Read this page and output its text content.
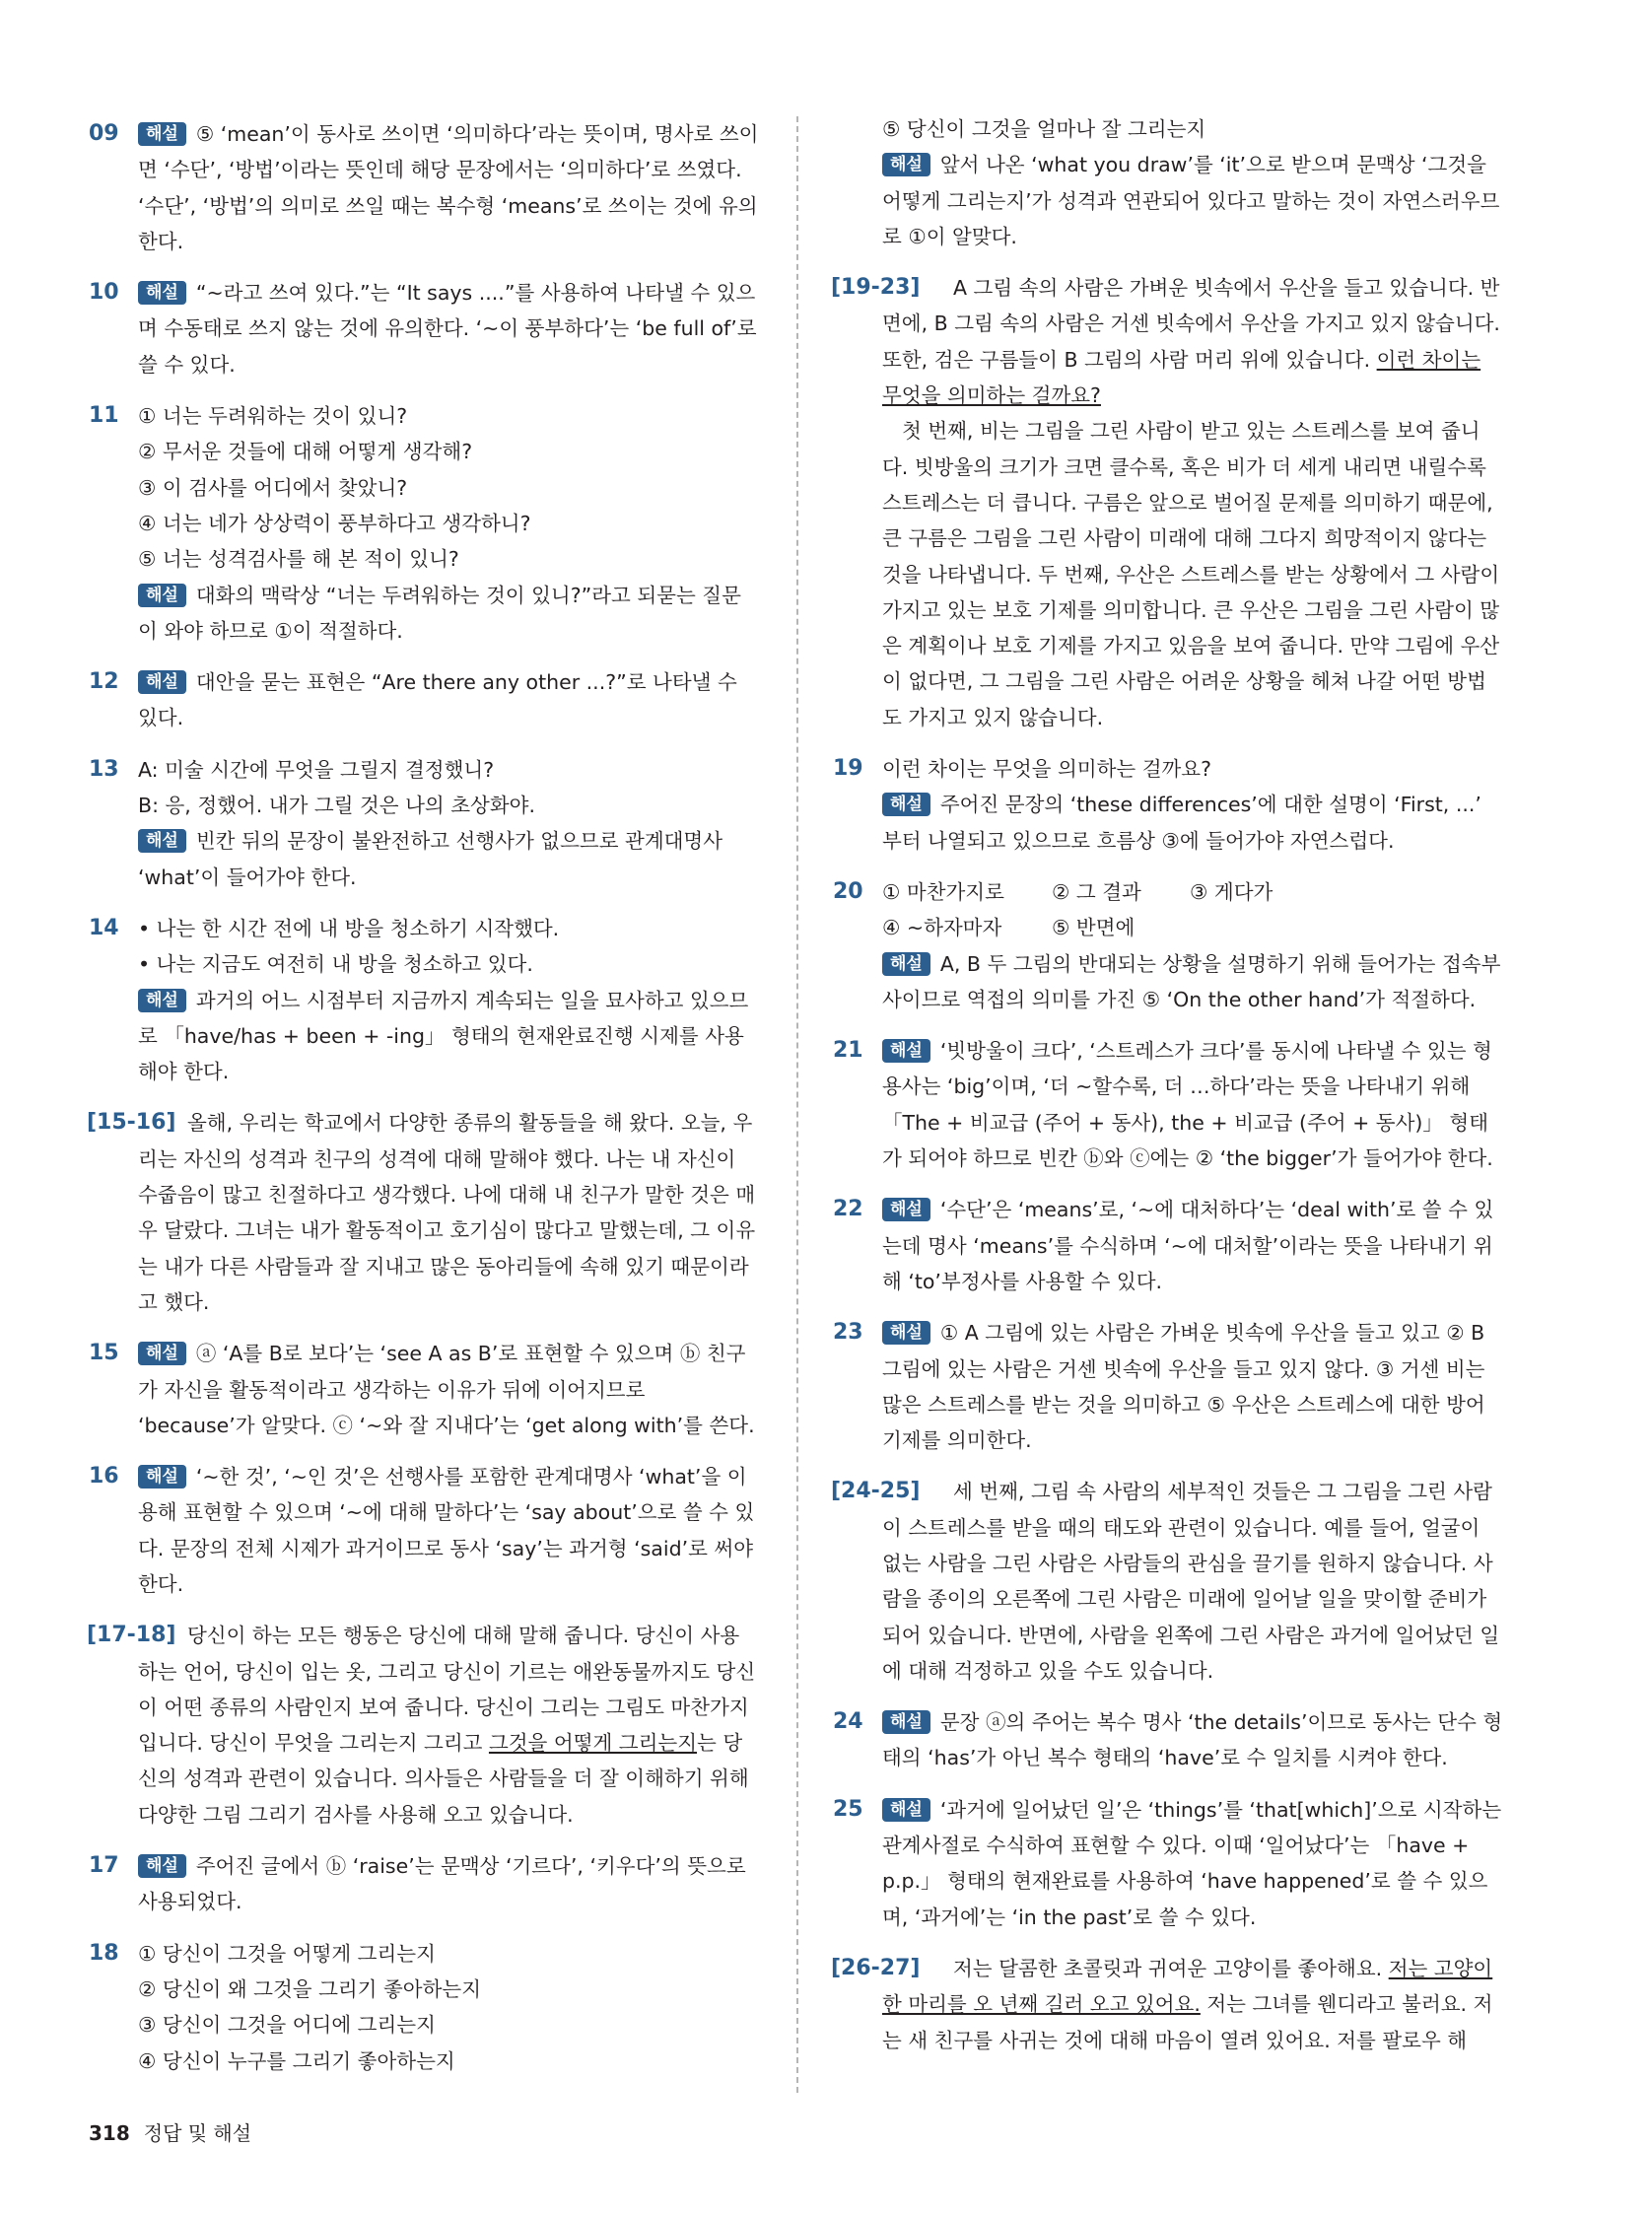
09	해설 ⑤ ‘mean’이 동사로 쓰이면 ‘의미하다’라는 뜻이며, 명사로 쓰이면 ‘수단’, ‘방법’이라는 뜻인데 해당 문장에서는 ‘의미하다’로 쓰였다. ‘수단’, ‘방법’의 의미로 쓰일 때는 복수형 ‘means’로 쓰이는 것에 유의한다.
10	해설 “~라고 쓰여 있다.”는 “It says ....”를 사용하여 나타낼 수 있으며 수동태로 쓰지 않는 것에 유의한다. ‘~이 풍부하다’는 ‘be full of’로 쓸 수 있다.
11 ① 너는 두려워하는 것이 있니?
② 무서운 것들에 대해 어떻게 생각해?
③ 이 검사를 어디에서 찾았니?
④ 너는 네가 상상력이 풍부하다고 생각하니?
⑤ 너는 성격검사를 해 본 적이 있니?
해설 대화의 맥락상 “너는 두려워하는 것이 있니?”라고 되묻는 질문이 와야 하므로 ①이 적절하다.
12	해설 대안을 묻는 표현은 “Are there any other ...?”로 나타낼 수 있다.
13 A: 미술 시간에 무엇을 그릴지 결정했니?
B: 응, 정했어. 내가 그릴 것은 나의 초상화야.
해설 빈칸 뒤의 문장이 불완전하고 선행사가 없으므로 관계대명사 ‘what’이 들어가야 한다.
14 • 나는 한 시간 전에 내 방을 청소하기 시작했다.
• 나는 지금도 여전히 내 방을 청소하고 있다.
해설 과거의 어느 시점부터 지금까지 계속되는 일을 묘사하고 있으므로 「have/has + been + -ing」 형태의 현재완료진행 시제를 사용해야 한다.
[15-16] 올해, 우리는 학교에서 다양한 종류의 활동들을 해 왔다. 오늘, 우리는 자신의 성격과 친구의 성격에 대해 말해야 했다. 나는 내 자신이 수줍음이 많고 친절하다고 생각했다. 나에 대해 내 친구가 말한 것은 매우 달랐다. 그녀는 내가 활동적이고 호기심이 많다고 말했는데, 그 이유는 내가 다른 사람들과 잘 지내고 많은 동아리들에 속해 있기 때문이라고 했다.
15	해설 ⓐ ‘A를 B로 보다’는 ‘see A as B’로 표현할 수 있으며 ⓑ 친구가 자신을 활동적이라고 생각하는 이유가 뒤에 이어지므로 ‘because’가 알맞다. ⓒ ‘~와 잘 지내다’는 ‘get along with’를 쓴다.
16	해설 ‘~한 것’, ‘~인 것’은 선행사를 포함한 관계대명사 ‘what’을 이용해 표현할 수 있으며 ‘~에 대해 말하다’는 ‘say about’으로 쓸 수 있다. 문장의 전체 시제가 과거이므로 동사 ‘say’는 과거형 ‘said’로 써야 한다.
[17-18] 당신이 하는 모든 행동은 당신에 대해 말해 줍니다. 당신이 사용하는 언어, 당신이 입는 옷, 그리고 당신이 기르는 애완동물까지도 당신이 어떤 종류의 사람인지 보여 줍니다. 당신이 그리는 그림도 마찬가지입니다. 당신이 무엇을 그리는지 그리고 그것을 어떻게 그리는지는 당신의 성격과 관련이 있습니다. 의사들은 사람들을 더 잘 이해하기 위해 다양한 그림 그리기 검사를 사용해 오고 있습니다.
17	해설 주어진 글에서 ⓑ ‘raise’는 문맥상 ‘기르다’, ‘키우다’의 뜻으로 사용되었다.
18 ① 당신이 그것을 어떻게 그리는지
② 당신이 왜 그것을 그리기 좋아하는지
③ 당신이 그것을 어디에 그리는지
④ 당신이 누구를 그리기 좋아하는지
⑤ 당신이 그것을 얼마나 잘 그리는지
해설 앞서 나온 ‘what you draw’를 ‘it’으로 받으며 문맥상 ‘그것을 어떻게 그리는지’가 성격과 연관되어 있다고 말하는 것이 자연스러우므로 ①이 알맞다.
[19-23]	A 그림 속의 사람은 가벼운 빗속에서 우산을 들고 있습니다. 반면에, B 그림 속의 사람은 거센 빗속에서 우산을 가지고 있지 않습니다. 또한, 검은 구름들이 B 그림의 사람 머리 위에 있습니다. 이런 차이는 무엇을 의미하는 걸까요?
첫 번째, 비는 그림을 그린 사람이 받고 있는 스트레스를 보여 줍니다. 빗방울의 크기가 크면 클수록, 혹은 비가 더 세게 내리면 내릴수록 스트레스는 더 큽니다. 구름은 앞으로 벌어질 문제를 의미하기 때문에, 큰 구름은 그림을 그린 사람이 미래에 대해 그다지 희망적이지 않다는 것을 나타냅니다. 두 번째, 우산은 스트레스를 받는 상황에서 그 사람이 가지고 있는 보호 기제를 의미합니다. 큰 우산은 그림을 그린 사람이 많은 계획이나 보호 기제를 가지고 있음을 보여 줍니다. 만약 그림에 우산이 없다면, 그 그림을 그린 사람은 어려운 상황을 헤쳐 나갈 어떤 방법도 가지고 있지 않습니다.
19 이런 차이는 무엇을 의미하는 걸까요?
해설 주어진 문장의 ‘these differences’에 대한 설명이 ‘First, ...’ 부터 나열되고 있으므로 흐름상 ③에 들어가야 자연스럽다.
20 ① 마찬가지로	② 그 결과	③ 게다가
④ ~하자마자	⑤ 반면에
해설 A, B 두 그림의 반대되는 상황을 설명하기 위해 들어가는 접속부사이므로 역접의 의미를 가진 ⑤ ‘On the other hand’가 적절하다.
21	해설 ‘빗방울이 크다’, ‘스트레스가 크다’를 동시에 나타낼 수 있는 형용사는 ‘big’이며, ‘더 ~할수록, 더 …하다’라는 뜻을 나타내기 위해 「The + 비교급 (주어 + 동사), the + 비교급 (주어 + 동사)」 형태가 되어야 하므로 빈칸 ⓑ와 ⓒ에는 ② ‘the bigger’가 들어가야 한다.
22	해설 ‘수단’은 ‘means’로, ‘~에 대처하다’는 ‘deal with’로 쓸 수 있는데 명사 ‘means’를 수식하며 ‘~에 대처할’이라는 뜻을 나타내기 위해 ‘to’부정사를 사용할 수 있다.
23	해설 ① A 그림에 있는 사람은 가벼운 빗속에 우산을 들고 있고 ② B 그림에 있는 사람은 거센 빗속에 우산을 들고 있지 않다. ③ 거센 비는 많은 스트레스를 받는 것을 의미하고 ⑤ 우산은 스트레스에 대한 방어 기제를 의미한다.
[24-25]	세 번째, 그림 속 사람의 세부적인 것들은 그 그림을 그린 사람이 스트레스를 받을 때의 태도와 관련이 있습니다. 예를 들어, 얼굴이 없는 사람을 그린 사람은 사람들의 관심을 끌기를 원하지 않습니다. 사람을 종이의 오른쪽에 그린 사람은 미래에 일어날 일을 맞이할 준비가 되어 있습니다. 반면에, 사람을 왼쪽에 그린 사람은 과거에 일어났던 일에 대해 걱정하고 있을 수도 있습니다.
24	해설 문장 ⓐ의 주어는 복수 명사 ‘the details’이므로 동사는 단수 형태의 ‘has’가 아닌 복수 형태의 ‘have’로 수 일치를 시켜야 한다.
25	해설 ‘과거에 일어났던 일’은 ‘things’를 ‘that[which]’으로 시작하는 관계사절로 수식하여 표현할 수 있다. 이때 ‘일어났다’는 「have + p.p.」 형태의 현재완료를 사용하여 ‘have happened’로 쓸 수 있으며, ‘과거에’는 ‘in the past’로 쓸 수 있다.
[26-27]	저는 달콤한 초콜릿과 귀여운 고양이를 좋아해요. 저는 고양이 한 마리를 오 년째 길러 오고 있어요. 저는 그녀를 웬디라고 불러요. 저는 새 친구를 사귀는 것에 대해 마음이 열려 있어요. 저를 팔로우 해
318 정답 및 해설
